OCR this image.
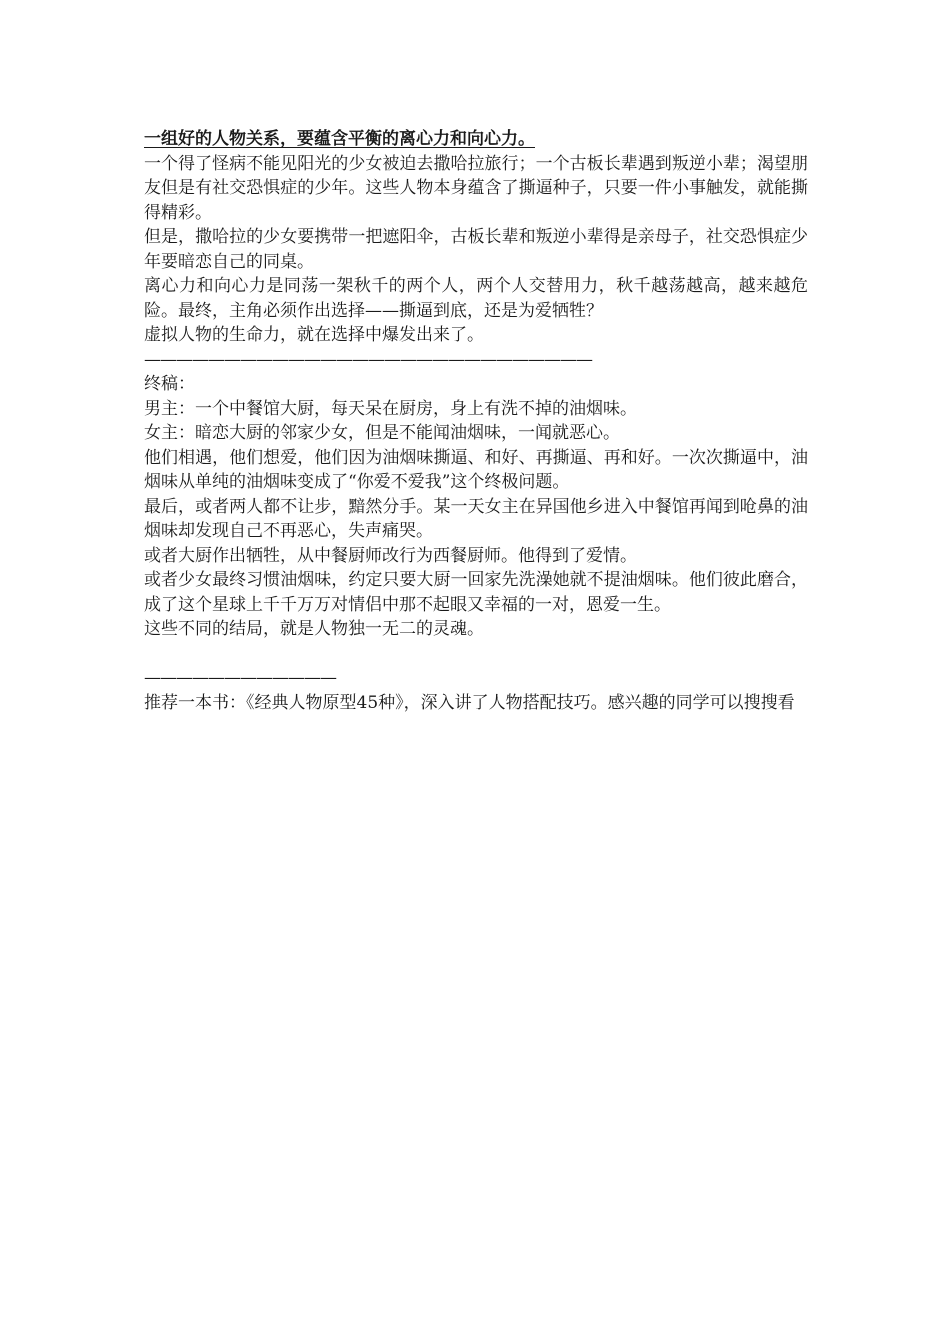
一组好的人物关系，要蕴含平衡的离心力和向心力。

一个得了怪病不能见阳光的少女被迫去撒哈拉旅行；一个古板长辈遇到叛逆小辈；渴望朋友但是有社交恐惧症的少年。这些人物本身蕴含了撕逼种子，只要一件小事触发，就能撕得精彩。

但是，撒哈拉的少女要携带一把遮阳伞，古板长辈和叛逆小辈得是亲母子，社交恐惧症少年要暗恋自己的同桌。

离心力和向心力是同荡一架秋千的两个人，两个人交替用力，秋千越荡越高，越来越危险。最终，主角必须作出选择——撕逼到底，还是为爱牺牲？

虚拟人物的生命力，就在选择中爆发出来了。

————————————————————————————

终稿：

男主：一个中餐馆大厨，每天呆在厨房，身上有洗不掉的油烟味。

女主：暗恋大厨的邻家少女，但是不能闻油烟味，一闻就恶心。

他们相遇，他们想爱，他们因为油烟味撕逼、和好、再撕逼、再和好。一次次撕逼中，油烟味从单纯的油烟味变成了“你爱不爱我”这个终极问题。

最后，或者两人都不让步，黯然分手。某一天女主在异国他乡进入中餐馆再闻到呛鼻的油烟味却发现自己不再恶心，失声痛哭。

或者大厨作出牺牲，从中餐厨师改行为西餐厨师。他得到了爱情。

或者少女最终习惯油烟味，约定只要大厨一回家先洗澡她就不提油烟味。他们彼此磨合，成了这个星球上千千万万对情侣中那不起眼又幸福的一对，恩爱一生。

这些不同的结局，就是人物独一无二的灵魂。

————————————

推荐一本书：《经典人物原型45种》，深入讲了人物搭配技巧。感兴趣的同学可以搜搜看
